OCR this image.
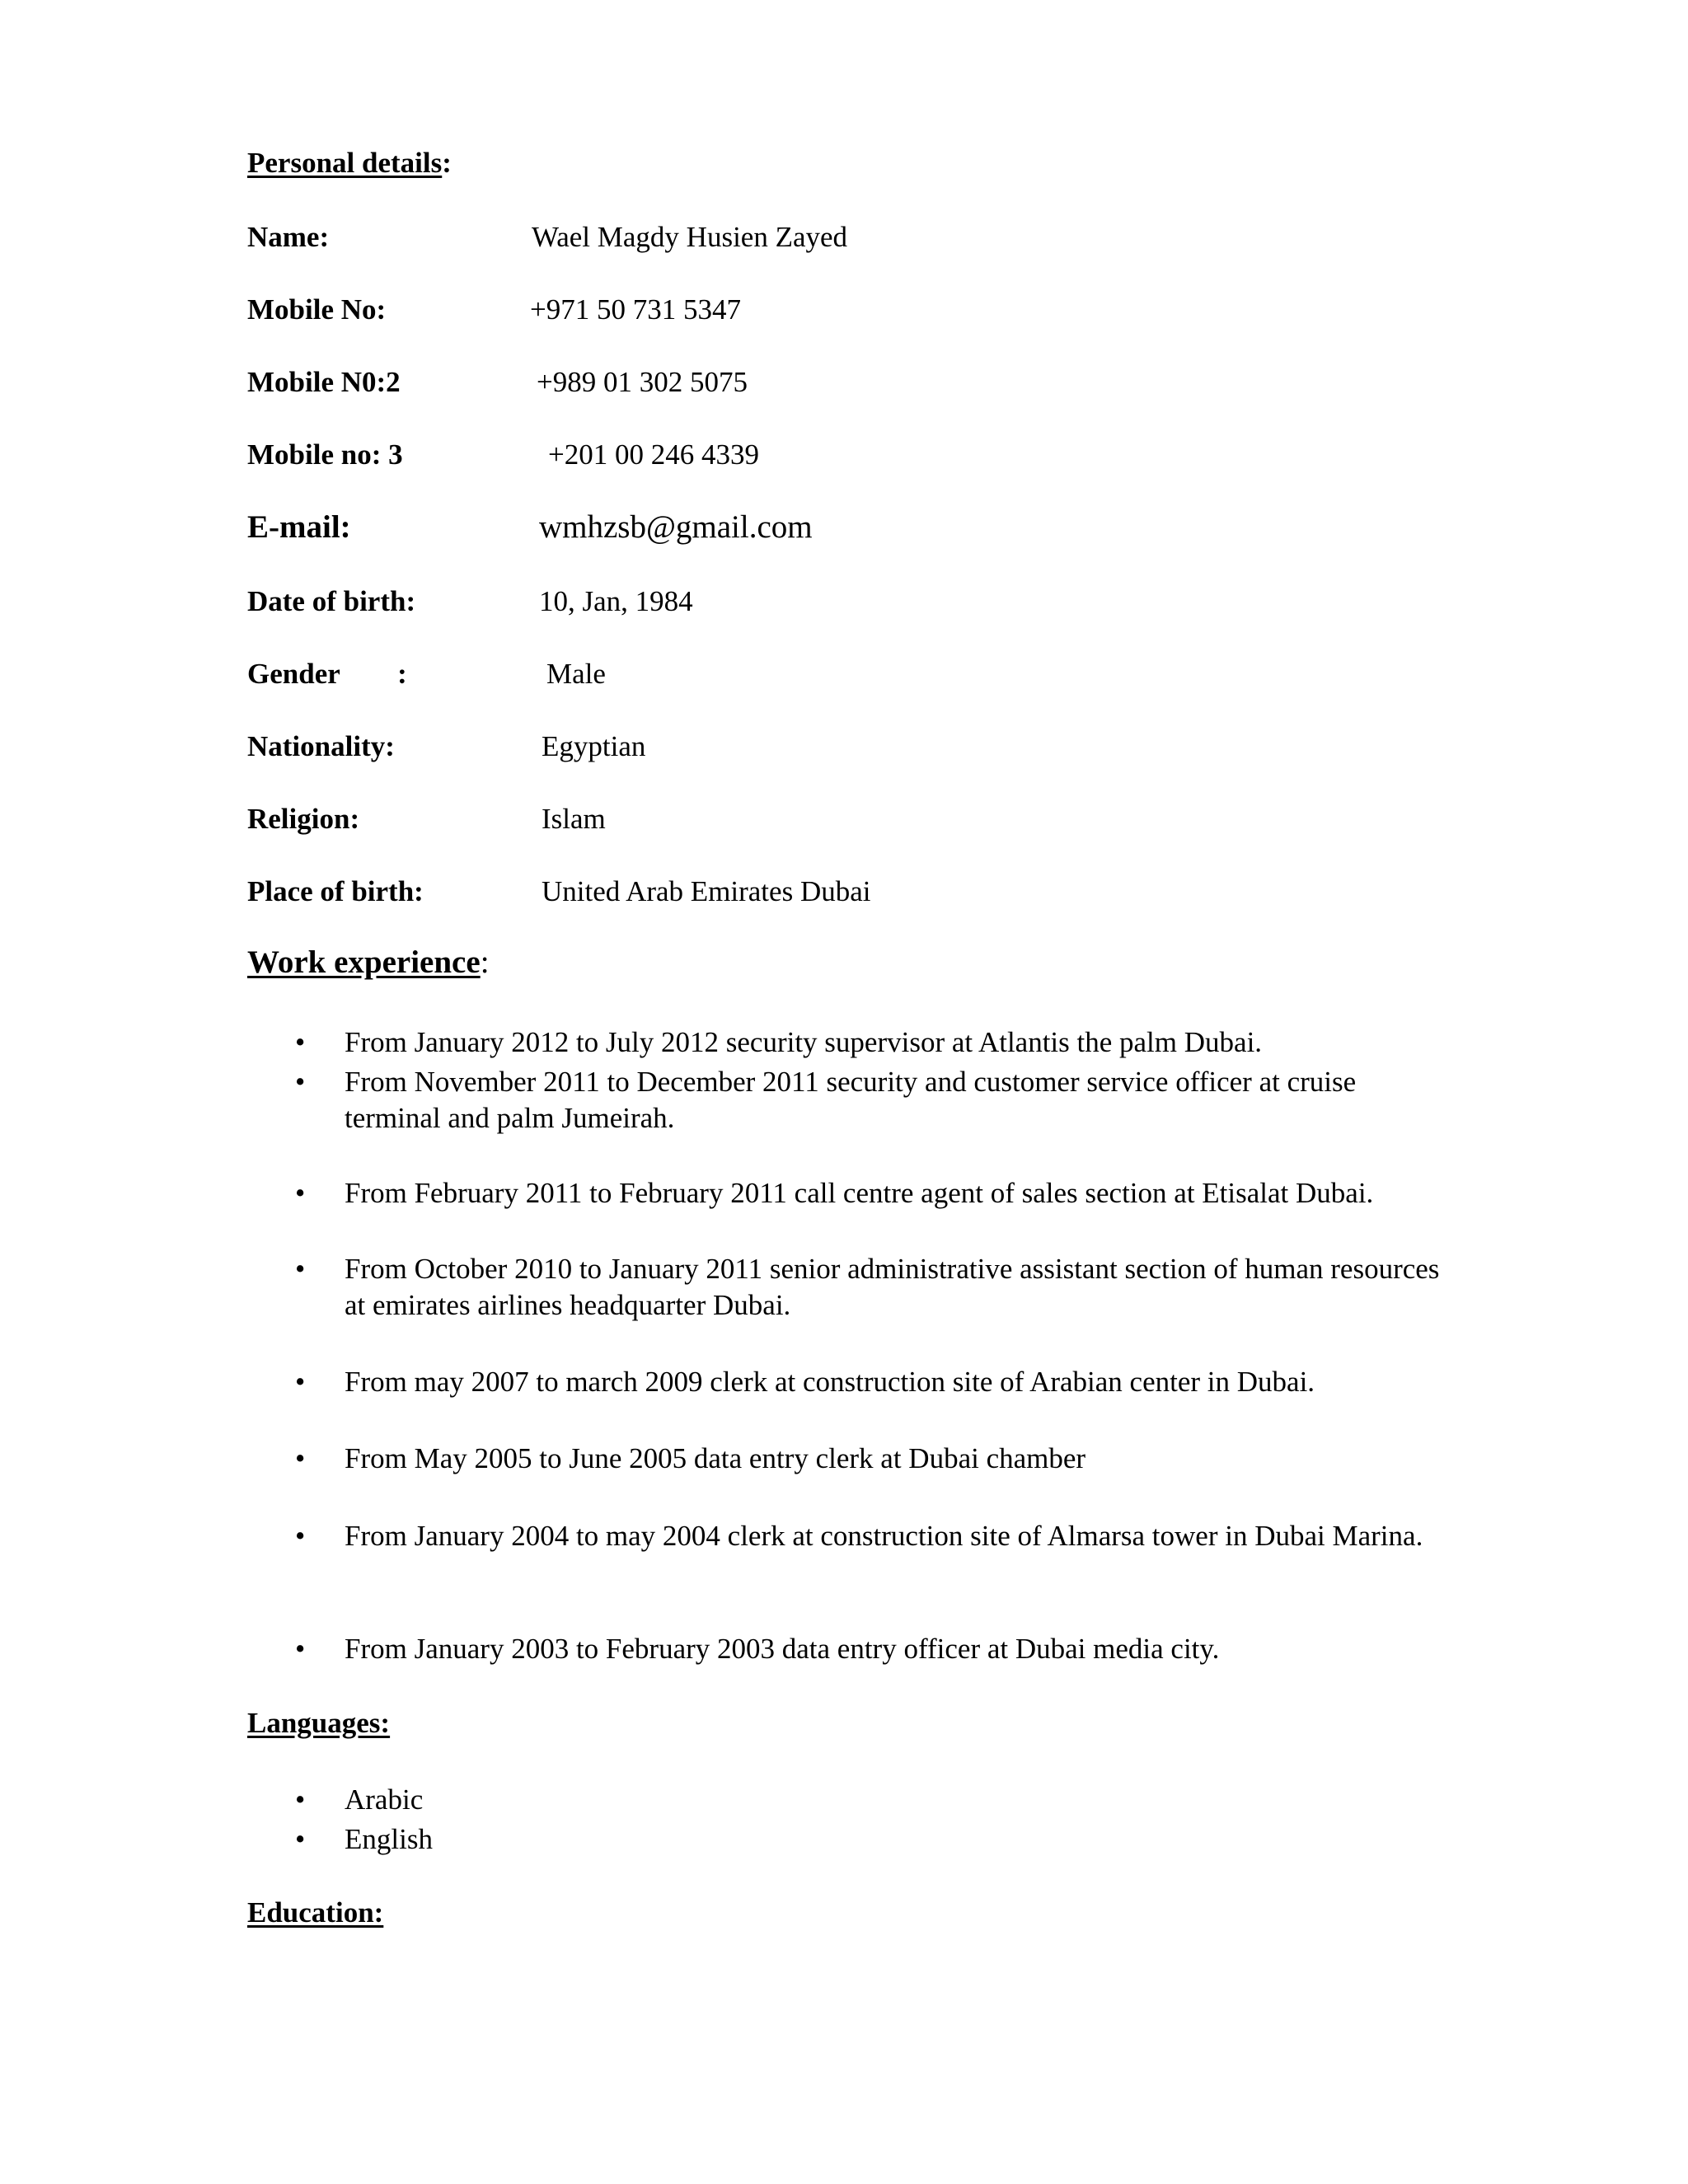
Personal details:
Name:	Wael Magdy Husien Zayed
Mobile No:	+971 50 731 5347
Mobile N0:2	+989 01 302 5075
Mobile no: 3	+201 00 246 4339
E-mail:	wmhzsb@gmail.com
Date of birth:	10, Jan, 1984
Gender        :	Male
Nationality:	Egyptian
Religion:	Islam
Place of birth:	United Arab Emirates Dubai
Work experience:
• From January 2012 to July 2012 security supervisor at Atlantis the palm Dubai.
• From November 2011 to December 2011 security and customer service officer at cruise terminal and palm Jumeirah.
• From February 2011 to February 2011 call centre agent of sales section at Etisalat Dubai.
• From October 2010 to January 2011 senior administrative assistant section of human resources at emirates airlines headquarter Dubai.
• From may 2007 to march 2009 clerk at construction site of Arabian center in Dubai.
• From May 2005 to June 2005 data entry clerk at Dubai chamber
• From January 2004 to may 2004 clerk at construction site of Almarsa tower in Dubai Marina.
• From January 2003 to February 2003 data entry officer at Dubai media city.
Languages:
• Arabic
• English
Education:
